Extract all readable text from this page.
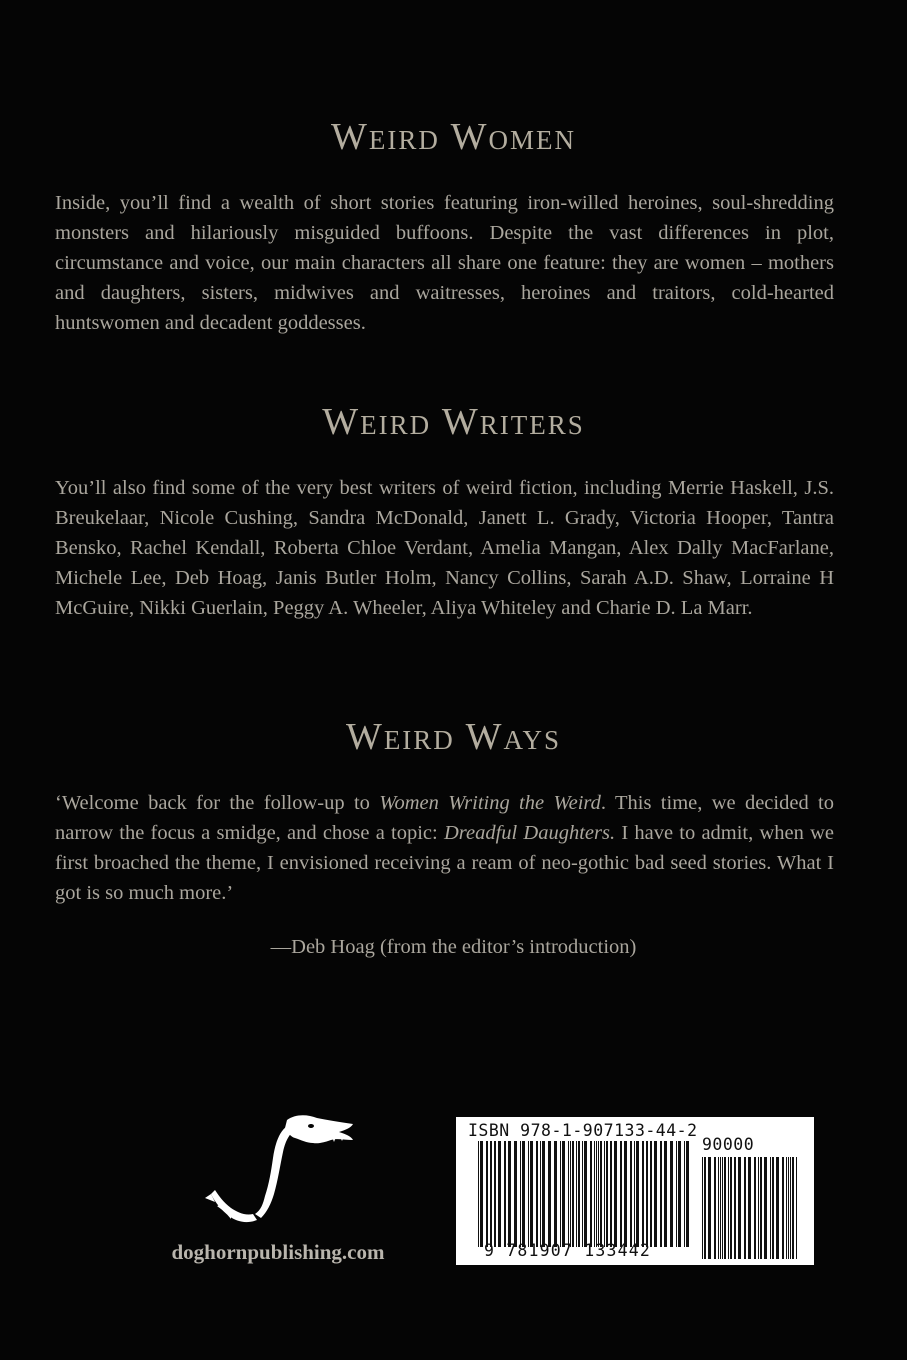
Weird Women

Inside, you’ll find a wealth of short stories featuring iron-willed heroines, soul-shredding monsters and hilariously misguided buffoons. Despite the vast differences in plot, circumstance and voice, our main characters all share one feature: they are women – mothers and daughters, sisters, midwives and waitresses, heroines and traitors, cold-hearted huntswomen and decadent goddesses.

Weird Writers

You’ll also find some of the very best writers of weird fiction, including Merrie Haskell, J.S. Breukelaar, Nicole Cushing, Sandra McDonald, Janett L. Grady, Victoria Hooper, Tantra Bensko, Rachel Kendall, Roberta Chloe Verdant, Amelia Mangan, Alex Dally MacFarlane, Michele Lee, Deb Hoag, Janis Butler Holm, Nancy Collins, Sarah A.D. Shaw, Lorraine H McGuire, Nikki Guerlain, Peggy A. Wheeler, Aliya Whiteley and Charie D. La Marr.

Weird Ways

‘Welcome back for the follow-up to Women Writing the Weird. This time, we decided to narrow the focus a smidge, and chose a topic: Dreadful Daughters. I have to admit, when we first broached the theme, I envisioned receiving a ream of neo-gothic bad seed stories. What I got is so much more.’

—Deb Hoag (from the editor’s introduction)
doghornpublishing.com
ISBN 978-1-907133-44-2
90000
9 781907 133442
